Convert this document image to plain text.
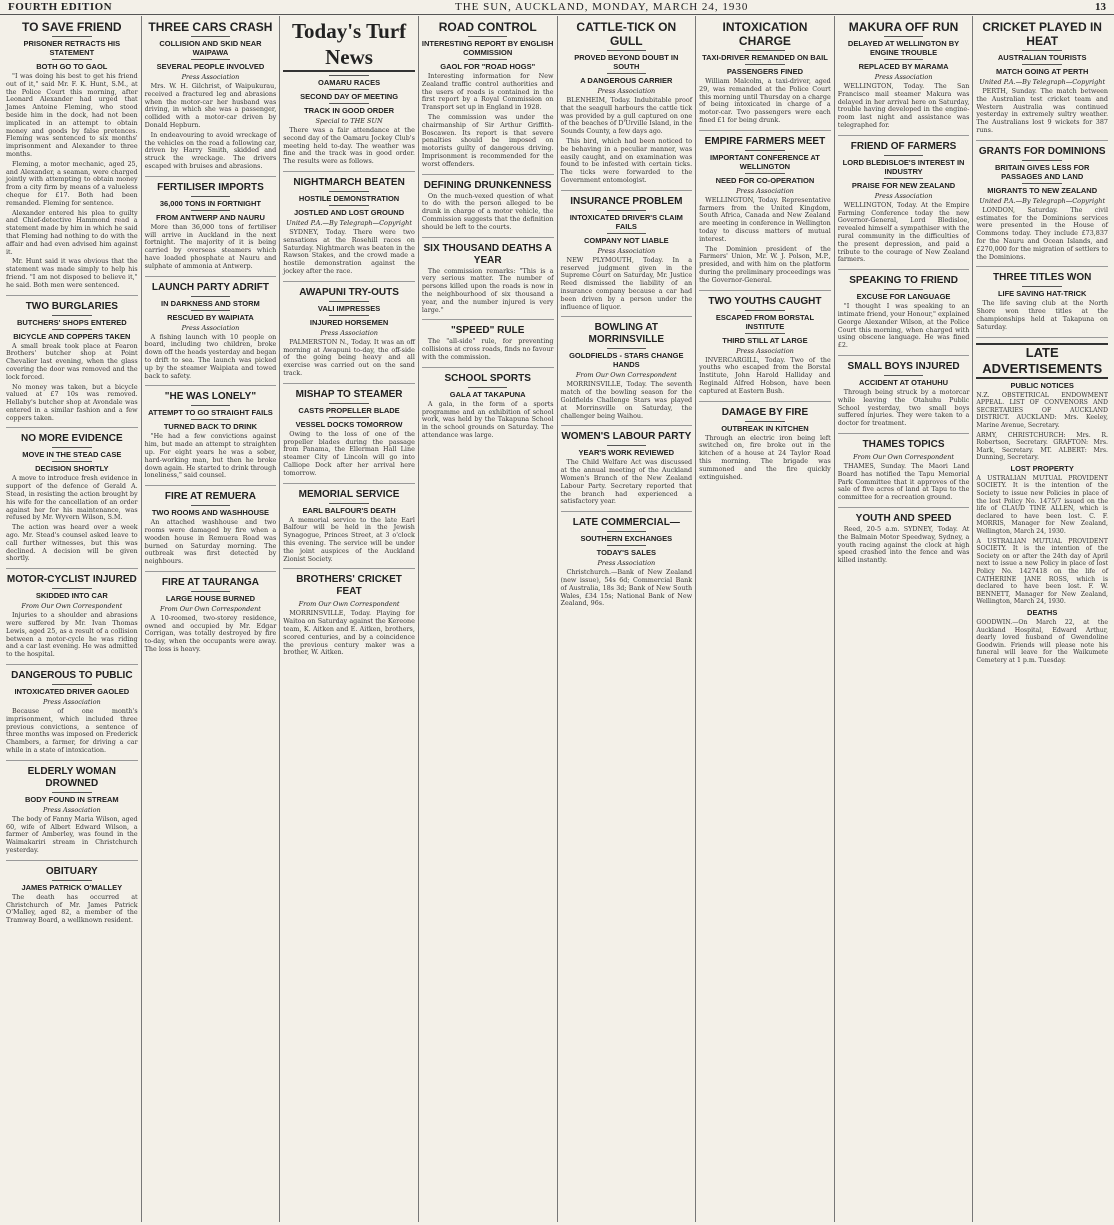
FOURTH EDITION	THE SUN, AUCKLAND, MONDAY, MARCH 24, 1930	13
TO SAVE FRIEND
PRISONER RETRACTS HIS STATEMENT
BOTH GO TO GAOL

"I was doing his best to get his friend out of it," said Mr. F. K. Hunt, S.M., at the Police Court this morning, after Leonard Alexander had urged that James Antoine Fleming, who stood beside him in the dock, had not been implicated in an attempt to obtain money and goods by false pretences. Fleming was sentenced to six months' imprisonment and Alexander to three months.

Fleming, a motor mechanic, aged 25, and Alexander, a seaman, were charged jointly with attempting to obtain money from a city firm by means of a valueless cheque for £17. Both had been remanded. Fleming for sentence.

Alexander entered his plea to guilty and Chief-detective Hammond read a statement made by him in which he said that Fleming had nothing to do with the affair and had even advised him against it.

Mr. Hunt said it was obvious that the statement was made simply to help his friend. "I am not disposed to believe it," he said. Both men were sentenced.

TWO BURGLARIES
BUTCHERS' SHOPS ENTERED
BICYCLE AND COPPERS TAKEN

A small break took place at Fearon Brothers' butcher shop at Point Chevalier last evening, when the glass covering the door was removed and the lock forced.

No money was taken, but a bicycle valued at £7 10s was removed. Hellaby's butcher shop at Avondale was entered in a similar fashion and a few coppers taken.

NO MORE EVIDENCE
MOVE IN THE STEAD CASE
DECISION SHORTLY

A move to introduce fresh evidence in support of the defence of Gerald A. Stead, in resisting the action brought by his wife for the cancellation of an order against her for his maintenance, was refused by Mr. Wyvern Wilson, S.M.

The action was heard over a week ago. Mr. Stead's counsel asked leave to call further witnesses, but this was declined. A decision will be given shortly.

MOTOR-CYCLIST INJURED
SKIDDED INTO CAR
From Our Own Correspondent

Injuries to a shoulder and abrasions were suffered by Mr. Ivan Thomas Lewis, aged 25, as a result of a collision between a motor-cycle he was riding and a car last evening. He was admitted to the hospital.

DANGEROUS TO PUBLIC
INTOXICATED DRIVER GAOLED
Press Association

Because of one month's imprisonment, which included three previous convictions, a sentence of three months was imposed on Frederick Chambers, a farmer, for driving a car while in a state of intoxication.

ELDERLY WOMAN DROWNED
BODY FOUND IN STREAM
Press Association

The body of Fanny Maria Wilson, aged 60, wife of Albert Edward Wilson, a farmer of Amberley, was found in the Waimakariri stream in Christchurch yesterday.

OBITUARY
JAMES PATRICK O'MALLEY

The death has occurred at Christchurch of Mr. James Patrick O'Malley, aged 82, a member of the Tramway Board, a wellknown resident.

THREE CARS CRASH
COLLISION AND SKID NEAR WAIPAWA
SEVERAL PEOPLE INVOLVED
Press Association

Mrs. W. H. Gilchrist, of Waipukurau, received a fractured leg and abrasions when the motor-car her husband was driving, in which she was a passenger, collided with a motor-car driven by Donald Hepburn.

In endeavouring to avoid wreckage of the vehicles on the road a following car, driven by Harry Smith, skidded and struck the wreckage. The drivers escaped with bruises and abrasions.

FERTILISER IMPORTS
36,000 TONS IN FORTNIGHT
FROM ANTWERP AND NAURU

More than 36,000 tons of fertiliser will arrive in Auckland in the next fortnight. The majority of it is being carried by overseas steamers which have loaded phosphate at Nauru and sulphate of ammonia at Antwerp.

LAUNCH PARTY ADRIFT
IN DARKNESS AND STORM
RESCUED BY WAIPIATA
Press Association

A fishing launch with 10 people on board, including two children, broke down off the heads yesterday and began to drift to sea. The launch was picked up by the steamer Waipiata and towed back to safety.

"HE WAS LONELY"
ATTEMPT TO GO STRAIGHT FAILS
TURNED BACK TO DRINK

"He had a few convictions against him, but made an attempt to straighten up. For eight years he was a sober, hard-working man, but then he broke down again. He started to drink through loneliness," said counsel.

FIRE AT REMUERA
TWO ROOMS AND WASHHOUSE

An attached washhouse and two rooms were damaged by fire when a wooden house in Remuera Road was burned on Saturday morning. The outbreak was first detected by neighbours.

FIRE AT TAURANGA
LARGE HOUSE BURNED
From Our Own Correspondent

A 10-roomed, two-storey residence, owned and occupied by Mr. Edgar Corrigan, was totally destroyed by fire to-day, when the occupants were away. The loss is heavy.

Today's Turf News
OAMARU RACES
SECOND DAY OF MEETING
TRACK IN GOOD ORDER
Special to THE SUN

There was a fair attendance at the second day of the Oamaru Jockey Club's meeting held to-day. The weather was fine and the track was in good order. The results were as follows.

NIGHTMARCH BEATEN
HOSTILE DEMONSTRATION
JOSTLED AND LOST GROUND
United P.A.—By Telegraph—Copyright

SYDNEY, Today. There were two sensations at the Rosehill races on Saturday. Nightmarch was beaten in the Rawson Stakes, and the crowd made a hostile demonstration against the jockey after the race.

AWAPUNI TRY-OUTS
VALI IMPRESSES
INJURED HORSEMEN
Press Association

PALMERSTON N., Today. It was an off morning at Awapuni to-day, the off-side of the going being heavy and all exercise was carried out on the sand track.

MISHAP TO STEAMER
CASTS PROPELLER BLADE
VESSEL DOCKS TOMORROW

Owing to the loss of one of the propeller blades during the passage from Panama, the Ellerman Hall Line steamer City of Lincoln will go into Calliope Dock after her arrival here tomorrow.

MEMORIAL SERVICE
EARL BALFOUR'S DEATH

A memorial service to the late Earl Balfour will be held in the Jewish Synagogue, Princes Street, at 3 o'clock this evening. The service will be under the joint auspices of the Auckland Zionist Society.

BROTHERS' CRICKET FEAT
From Our Own Correspondent

MORRINSVILLE, Today. Playing for Waitoa on Saturday against the Kereone team, K. Aitken and E. Aitken, brothers, scored centuries, and by a coincidence the previous century maker was a brother, W. Aitken.

ROAD CONTROL
INTERESTING REPORT BY ENGLISH COMMISSION
GAOL FOR "ROAD HOGS"

Interesting information for New Zealand traffic control authorities and the users of roads is contained in the first report by a Royal Commission on Transport set up in England in 1928.

The commission was under the chairmanship of Sir Arthur Griffith-Boscawen. Its report is that severe penalties should be imposed on motorists guilty of dangerous driving. Imprisonment is recommended for the worst offenders.

DEFINING DRUNKENNESS

On the much-vexed question of what to do with the person alleged to be drunk in charge of a motor vehicle, the Commission suggests that the definition should be left to the courts.

SIX THOUSAND DEATHS A YEAR

The commission remarks: "This is a very serious matter. The number of persons killed upon the roads is now in the neighbourhood of six thousand a year, and the number injured is very large."

"SPEED" RULE

The "all-side" rule, for preventing collisions at cross roads, finds no favour with the commission.

SCHOOL SPORTS
GALA AT TAKAPUNA

A gala, in the form of a sports programme and an exhibition of school work, was held by the Takapuna School in the school grounds on Saturday. The attendance was large.

CATTLE-TICK ON GULL
PROVED BEYOND DOUBT IN SOUTH
A DANGEROUS CARRIER
Press Association

BLENHEIM, Today. Indubitable proof that the seagull harbours the cattle tick was provided by a gull captured on one of the beaches of D'Urville Island, in the Sounds County, a few days ago.

This bird, which had been noticed to be behaving in a peculiar manner, was easily caught, and on examination was found to be infested with certain ticks. The ticks were forwarded to the Government entomologist.

INSURANCE PROBLEM
INTOXICATED DRIVER'S CLAIM FAILS
COMPANY NOT LIABLE
Press Association

NEW PLYMOUTH, Today. In a reserved judgment given in the Supreme Court on Saturday, Mr. Justice Reed dismissed the liability of an insurance company because a car had been driven by a person under the influence of liquor.

BOWLING AT MORRINSVILLE
GOLDFIELDS - STARS CHANGE HANDS
From Our Own Correspondent

MORRINSVILLE, Today. The seventh match of the bowling season for the Goldfields Challenge Stars was played at Morrinsville on Saturday, the challenger being Waihou.

WOMEN'S LABOUR PARTY
YEAR'S WORK REVIEWED

The Child Welfare Act was discussed at the annual meeting of the Auckland Women's Branch of the New Zealand Labour Party. Secretary reported that the branch had experienced a satisfactory year.

LATE COMMERCIAL—
SOUTHERN EXCHANGES
TODAY'S SALES
Press Association

Christchurch.—Bank of New Zealand (new issue), 54s 6d; Commercial Bank of Australia, 18s 3d; Bank of New South Wales, £34 15s; National Bank of New Zealand, 96s.

INTOXICATION CHARGE
TAXI-DRIVER REMANDED ON BAIL
PASSENGERS FINED

William Malcolm, a taxi-driver, aged 29, was remanded at the Police Court this morning until Thursday on a charge of being intoxicated in charge of a motor-car. Two passengers were each fined £1 for being drunk.

EMPIRE FARMERS MEET
IMPORTANT CONFERENCE AT WELLINGTON
NEED FOR CO-OPERATION
Press Association

WELLINGTON, Today. Representative farmers from the United Kingdom, South Africa, Canada and New Zealand are meeting in conference in Wellington today to discuss matters of mutual interest.

The Dominion president of the Farmers' Union, Mr. W. J. Polson, M.P., presided, and with him on the platform during the preliminary proceedings was the Governor-General.

TWO YOUTHS CAUGHT
ESCAPED FROM BORSTAL INSTITUTE
THIRD STILL AT LARGE
Press Association

INVERCARGILL, Today. Two of the youths who escaped from the Borstal Institute, John Harold Halliday and Reginald Alfred Hobson, have been captured at Eastern Bush.

DAMAGE BY FIRE
OUTBREAK IN KITCHEN

Through an electric iron being left switched on, fire broke out in the kitchen of a house at 24 Taylor Road this morning. The brigade was summoned and the fire quickly extinguished.

MAKURA OFF RUN
DELAYED AT WELLINGTON BY ENGINE TROUBLE
REPLACED BY MARAMA
Press Association

WELLINGTON, Today. The San Francisco mail steamer Makura was delayed in her arrival here on Saturday, trouble having developed in the engine-room last night and assistance was telegraphed for.

FRIEND OF FARMERS
LORD BLEDISLOE'S INTEREST IN INDUSTRY
PRAISE FOR NEW ZEALAND
Press Association

WELLINGTON, Today. At the Empire Farming Conference today the new Governor-General, Lord Bledisloe, revealed himself a sympathiser with the rural community in the difficulties of the present depression, and paid a tribute to the courage of New Zealand farmers.

SPEAKING TO FRIEND
EXCUSE FOR LANGUAGE

"I thought I was speaking to an intimate friend, your Honour," explained George Alexander Wilson, at the Police Court this morning, when charged with using obscene language. He was fined £2.

SMALL BOYS INJURED
ACCIDENT AT OTAHUHU

Through being struck by a motorcar while leaving the Otahuhu Public School yesterday, two small boys suffered injuries. They were taken to a doctor for treatment.

THAMES TOPICS
From Our Own Correspondent

THAMES, Sunday. The Maori Land Board has notified the Tapu Memorial Park Committee that it approves of the sale of five acres of land at Tapu to the committee for a recreation ground.

YOUTH AND SPEED

Reed, 20-5 a.m. SYDNEY, Today. At the Balmain Motor Speedway, Sydney, a youth racing against the clock at high speed crashed into the fence and was killed instantly.

CRICKET PLAYED IN HEAT
AUSTRALIAN TOURISTS
MATCH GOING AT PERTH
United P.A.—By Telegraph—Copyright

PERTH, Sunday. The match between the Australian test cricket team and Western Australia was continued yesterday in extremely sultry weather. The Australians lost 9 wickets for 387 runs.

GRANTS FOR DOMINIONS
BRITAIN GIVES LESS FOR PASSAGES AND LAND
MIGRANTS TO NEW ZEALAND
United P.A.—By Telegraph—Copyright

LONDON, Saturday. The civil estimates for the Dominions services were presented in the House of Commons today. They include £73,837 for the Nauru and Ocean Islands, and £270,000 for the migration of settlers to the Dominions.

THREE TITLES WON
LIFE SAVING HAT-TRICK

The life saving club at the North Shore won three titles at the championships held at Takapuna on Saturday.

LATE ADVERTISEMENTS
PUBLIC NOTICES
N.Z. OBSTETRICAL ENDOWMENT APPEAL. LIST OF CONVENORS AND SECRETARIES OF AUCKLAND DISTRICT. AUCKLAND: Mrs. Keeley, Marine Avenue, Secretary.
ARMY, CHRISTCHURCH: Mrs. R. Robertson, Secretary. GRAFTON: Mrs. Mark, Secretary. MT. ALBERT: Mrs. Dunning, Secretary.
LOST PROPERTY
A USTRALIAN MUTUAL PROVIDENT SOCIETY. It is the intention of the Society to issue new Policies in place of the lost Policy No. 1475/7 issued on the life of CLAUD TINE ALLEN, which is declared to have been lost. C. F. MORRIS, Manager for New Zealand, Wellington, March 24, 1930.
A USTRALIAN MUTUAL PROVIDENT SOCIETY. It is the intention of the Society on or after the 24th day of April next to issue a new Policy in place of lost Policy No. 1427418 on the life of CATHERINE JANE ROSS, which is declared to have been lost. F. W. BENNETT, Manager for New Zealand, Wellington, March 24, 1930.
DEATHS
GOODWIN.—On March 22, at the Auckland Hospital, Edward Arthur, dearly loved husband of Gwendoline Goodwin. Friends will please note his funeral will leave for the Waikumete Cemetery at 1 p.m. Tuesday.
